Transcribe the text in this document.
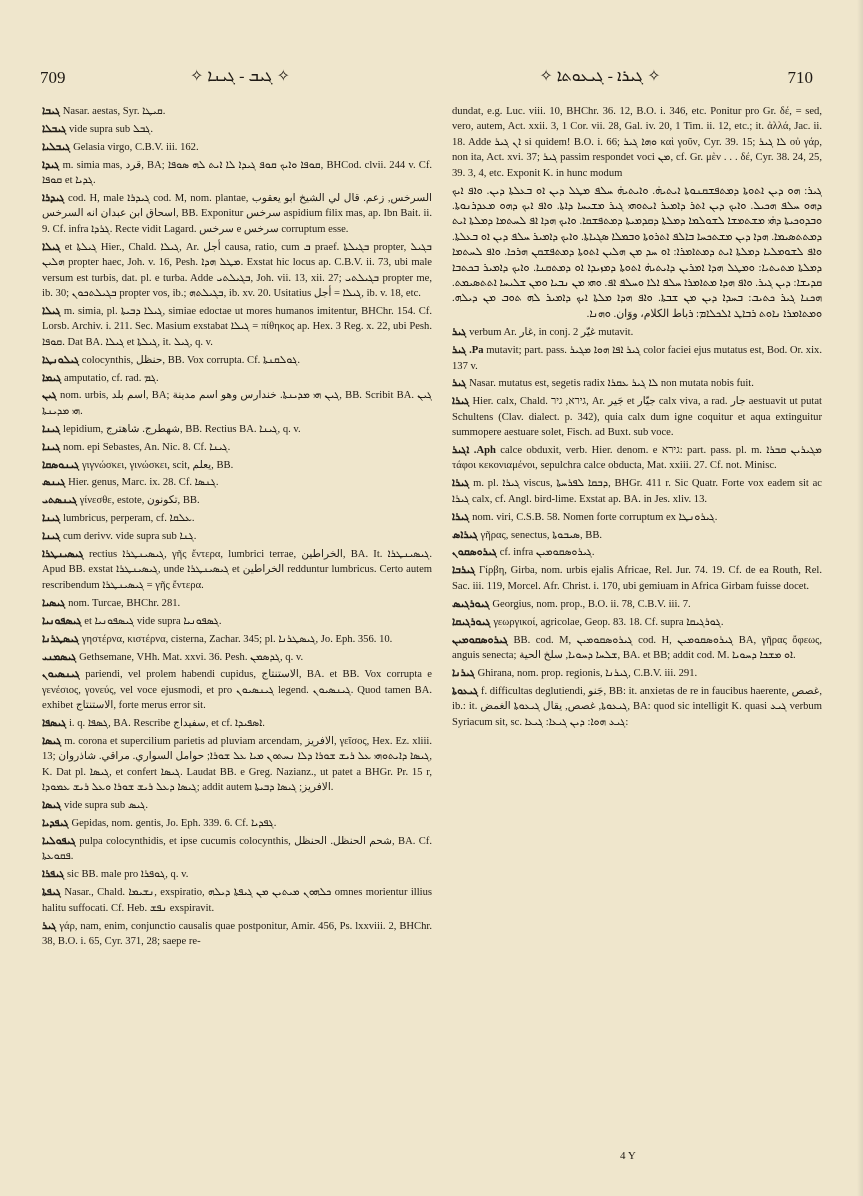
709	✧ ܓܝܒ - ܓܝܢܐ ✧	✧ ܓܝܪܐ - ܓܝܥܘܬܐ ✧	710

ܓܝܒܐ Nasar. aestas, Syr. ܩܝܛܐ.

ܓܝܒܠܐ vide supra sub ܓܒܠ.

ܓܝܒܠܝܐ Gelasia virgo, C.B.V. iii. 162.

ܓܝܕܐ m. simia mas, قرد, BA; ܩܘܦܐ ܘܐܝܟ ܩܘܦ ܓܝܕܐ ܠܐ ܐܝܬ ܠܗ ܣܘܦܐ, BHCod. clvii. 244 v. Cf. ܩܘܦܐ et ܓܕܝܐ.

ܓܝܕܪܐ cod. H, male ܓܝܕܪܐ cod. M, nom. plantae, السرخس, زعم. قال لي الشيخ ابو يعقوب اسحاق ابن عبدان انه السرخس, BB. Exponitur سرخس aspidium filix mas, ap. Ibn Bait. ii. 9. Cf. infra ܓܪܕܐ. Recte vidit Lagard. سرخس e سرخس corruptum esse.

ܓܝܠܐ et ܓܝܠܬܐ Hier., Chald. ܓܝܠܐ, Ar. أجل causa, ratio, cum ܒ praef. ܒܓܝܠܬܐ propter, ܒܓܝܠ ܗܠܝܢ propter haec, Joh. v. 16, Pesh. ܡܛܠ ܗܕܐ. Exstat hic locus ap. C.B.V. ii. 73, ubi male versum est turbis, dat. pl. e turba. Adde ܒܓܝܠܬܝ, Joh. vii. 13, xii. 27; ܒܓܝܠܬܝ propter me, ib. 30; ܒܓܝܠܬܟܘܢ propter vos, ib.; ܒܓܝܠܬܗ, ib. xv. 20. Usitatius ܓܝܠܐ = أجل, ib. v. 18, etc.

ܓܝܠܐ m. simia, pl. ܓܝܠܐ ܕܒܝܬܐ, simiae edoctae ut mores humanos imitentur, BHChr. 154. Cf. Lorsb. Archiv. i. 211. Sec. Masium exstabat ܓܝܠܐ = πίθηκος ap. Hex. 3 Reg. x. 22, ubi Pesh. ܩܘܦܐ. Dat BA. ܓܝܠܐ et ܓܝܠܬܐ, it. ܓܝܠ, q. v.

ܓܝܠܘܢܛܐ colocynthis, حنظل, BB. Vox corrupta. Cf. ܓܘܠܩܢܬܐ.

ܓܝܡܐ amputatio, cf. rad. ܓܡ.

ܓܝܢ nom. urbis, اسم بلد, BA; ܓܝܢ ܗܝ ܡܕܝܢܬܐ. خندارس وهو اسم مدينة, BB. Scribit BA. ܓܝܢ ܗܝ ܡܕܝܢܬܐ.

ܓܝܢܐ lepidium, شهطرج. شاهترج, BB. Rectius BA. ܓܝܢܐ, q. v.

ܓܝܢܐ nom. epi Sebastes, An. Nic. 8. Cf. ܓܝܢܐ.

ܓܝܢܘܣܩܐ γιγνώσκει, γινώσκει, scit, يعلم, BB.

ܓܝܢܣ Hier. genus, Marc. ix. 28. Cf. ܓܢܣܐ.

ܓܝܢܣܬܝ γίνεσθε, estote, تكونون, BB.

ܓܝܢܐ lumbricus, perperam, cf. ܥܠܩܐ.

ܓܝܢܐ cum derivv. vide supra sub ܓܢܐ.

ܓܝܣܝܢܛܪܐ rectius ܓܝܣܝܢܛܪܐ, γῆς ἔντερα, lumbrici terrae, الخراطين, BA. It. ܓܝܣܝܢܛܪܐ. Apud BB. exstat ܓܝܣܝܢܛܪܐ, unde ܓܝܣܝܢܛܪܐ et الخراطين redduntur lumbricus. Certo autem rescribendum ܓܝܣܝܢܛܪܐ = γῆς ἔντερα.

ܓܝܣܝܐ nom. Turcae, BHChr. 281.

ܓܝܣܦܘܢܝܐ et ܓܝܣܦܘܢܝܐ vide supra ܓܣܦܘܢܝܐ.

ܓܝܣܛܪܢܐ γηστέρνα, κιστέρνα, cisterna, Zachar. 345; pl. ܓܝܣܛܪܢܐ, Jo. Eph. 356. 10.

ܓܝܣܡܢܝ Gethsemane, VHh. Mat. xxvi. 36. Pesh. ܓܕܣܡܢ, q. v.

ܓܝܢܣܝܘܢ pariendi, vel prolem habendi cupidus, الاستنتاج, BA. et BB. Vox corrupta e γενέσιος, γονεύς, vel voce ejusmodi, et pro ܓܝܢܣܝܘܢ legend. ܓܝܢܣܝܘܢ. Quod tamen BA. exhibet الاستنتاج, forte merus error sit.

ܓܝܣܦܐ i. q. ܓܣܦܐ, BA. Rescribe سفيداج, et cf. ܐܣܦܝܕܐ.

ܓܝܣܐ m. corona et supercilium parietis ad pluviam arcendam, الافريز, γεῖσος, Hex. Ez. xliii. 13; ܓܝܣܐ ܕܐܝܬܘܗܝ ܥܠ ܪܝܫ ܫܘܪܐ ܕܠܐ ܢܚܬܘܢ ܡܝܐ ܥܠ ܫܘܪܐ; حوامل السواري. مراقي. شاذروان, K. Dat pl. ܓܝܣܐ, et confert ܓܝܣܐ. Laudat BB. e Greg. Nazianz., ut patet a BHGr. Pr. 15 r, ܓܝܣܐ ܕܥܠ ܪܝܫ ܫܘܪܐ ܘܥܠ ܪܝܫ ܥܡܘܕܐ; addit autem الافريز; ܓܝܣܐ ܕܒܝܬܐ.

ܓܝܣܐ vide supra sub ܓܝܣ.

ܓܝܦܕܝܐ Gepidas, nom. gentis, Jo. Eph. 339. 6. Cf. ܓܦܕܝܐ.

ܓܝܦܘܠܝܐ pulpa colocynthidis, et ipse cucumis colocynthis, شحم الحنظل. الحنظل, BA. Cf. ܦܩܘܥܬܐ.

ܓܝܦܪܐ sic BB. male pro ܓܘܦܪܐ, q. v.

ܓܝܦܬܐ Nasar., Chald. ܢܫܝܡܐ, exspiratio, ܟܠܗܘܢ ܡܝܬܝܢ ܡܢ ܓܝܦܬܐ ܕܝܠܗ omnes morientur illius halitu suffocati. Cf. Heb. ܢܦܫ exspiravit.

ܓܝܪ γάρ, nam, enim, conjunctio causalis quae postponitur, Amir. 456, Ps. lxxviii. 2, BHChr. 38, B.O. i. 65, Cyr. 371, 28; saepe re-

dundat, e.g. Luc. viii. 10, BHChr. 36. 12, B.O. i. 346, etc. Ponitur pro Gr. δέ, = sed, vero, autem, Act. xxii. 3, 1 Cor. vii. 28, Gal. iv. 20, 1 Tim. ii. 12, etc.; it. ἀλλά, Jac. ii. 18. Adde ܐܢ ܓܝܪ si quidem! B.O. i. 66; ܘܗܐ ܓܝܪ καὶ γοῦν, Cyr. 39. 15; ܠܐ ܓܝܪ οὐ γάρ, non ita, Act. xvi. 37; ܓܝܪ passim respondet voci ܡܢ, cf. Gr. μὲν . . . δέ, Cyr. 38. 24, 25, 39. 3, 4, etc. Exponit K. in hunc modum

ܓܝܪ: ܗܘ ܕܝܢ ܐܬܘܬܐ ܕܡܬܦܫܩܢܘܬܐ ܐܝܬܝܗ̇. ܘܐܝܬܝܗ̇ ܚܠܦ ܡܛܠ ܕܝܢ ܐܘ ܒܥܠܬܐ ܕܝܢ. ܘܐܦ ܐܝܟ ܕܗܘ ܚܠܦ ܗܟܝܠ. ܘܐܝܟ ܕܝܢ ܐܬܪ ܕܐܡܝܪ ܐܝܬܘܗܝ ܓܝܪ ܡܫܝܚܐ ܕܐܬܐ. ܘܐܦ ܐܝܟ ܕܗܘ ܡܥܕܪܢܘܬܐ. ܘܒܕܘܟܝܬܐ ܕܗ̇ܝ ܡܫܬܡܫܐ ܠܫܘܠܡܐ ܕܡܠܬܐ ܕܩܕܡܝܬܐ ܕܡܬܦܫܩܐ. ܘܐܝܟ ܗܕܐ ܐܦ ܠܚܬܡܐ ܕܡܠܬܐ ܐܝܬ ܕܡܬܬܣܝܡܐ. ܗܕܐ ܕܝܢ ܡܫܬܟܚܐ ܒܐܠܦ ܐܬܪܘܬܐ ܘܒܡܠܐ ܣܓܝܐܬܐ. ܘܐܝܟ ܕܐܡܝܪ ܚܠܦ ܕܝܢ ܐܘ ܒܥܠܬܐ. ܘܐܦ ܠܫܘܡܠܝܐ ܕܡܠܬܐ ܐܝܬ ܕܡܬܐܡܪܐ: ܐܘ ܚܕ ܡܢ ܗܠܝܢ ܐܬܘܬܐ ܕܡܬܦܫܩܢ ܗܪܟܐ. ܘܐܦ ܠܚܬܡܐ ܕܡܠܬܐ ܡܬܝܬܝܐ: ܘܡܛܠ ܗܕܐ ܐܡܪܝܢ ܕܐܝܬܝܗ̇ ܐܬܘܬܐ ܕܡܙܝܕܐ ܐܘ ܕܡܬܩܢܐ. ܘܐܝܟ ܕܐܡܝܪ ܒܟܬܒܐ ܩܕܝܫܐ: ܕܝܢ ܓܝܪ. ܘܐܦ ܗܕܐ ܡܬܐܡܪܐ ܚܠܦ ܐܠܐ ܘܚܠܦ ܐܦ. ܘܗܝ ܡܢ ܢܒܝܐ ܘܡܢ ܫܠܝܚܐ ܐܬܬܣܝܡܬ. ܗܟܢܐ ܓܝܪ ܟܬܝܒ: ܒܚܕܐ ܕܝܢ ܡܢ ܫܒܬܐ. ܘܐܦ ܗܕܐ ܡܠܬܐ ܐܝܟ ܕܐܡܝܪ ܠܗ ܬܘܒ ܡܢ ܕܝܠܗ. ܘܡܬܐܡܪܐ ܢܐܘܬ ܪܒܐܛ ܐܠܟܠܐܡ: ܪباط الكلام، ووَان. ܘܗܢܐ.

ܓܝܪ verbum Ar. غار, in conj. 2 غيّر mutavit.

Pa. ܓܝܪ mutavit; part. pass. ܓܝܪ ܐܦܐ ܗܘܐ ܡܓܝܪ color faciei ejus mutatus est, Bod. Or. xix. 137 v.

ܓܝܪ Nasar. mutatus est, segetis radix ܠܐ ܓܝܪ ܥܩܪܐ non mutata nobis fuit.

ܓܝܪܐ Hier. calx, Chald. גירא, גיר, Ar. جَير et جيّار calx viva, a rad. جار aestuavit ut putat Schultens (Clav. dialect. p. 342), quia calx dum igne coquitur et aqua extinguitur summopere aestuare solet, Fisch. ad Buxt. sub voce.

Aph. ܐܓܝܪ calce obduxit, verb. Hier. denom. e גירא: part. pass. pl. m. ܡܓܝܪܝܢ ܩܒܪܐ τάφοι κεκονιαμένοι, sepulchra calce obducta, Mat. xxiii. 27. Cf. not. Minisc.

ܓܝܪܐ m. pl. ܓܝܪܐ viscus, ܕܒܩܐ ܠܦܪܚܬܐ, BHGr. 411 r. Sic Quatr. Forte vox eadem sit ac ܓܝܪܐ calx, cf. Angl. bird-lime. Exstat ap. BA. in Jes. xliv. 13.

ܓܝܪܐ nom. viri, C.S.B. 58. Nomen forte corruptum ex ܓܝܪܘܢܛܐ.

ܓܝܪܐܣ γῆρας, senectus, ܣܝܒܘܬܐ, BB.

ܓܝܪܘܣܩܘܢ cf. infra ܓܝܪܘܣܩܘܡܝܢ.

ܓܝܪܒܐ Γίρβη, Girba, nom. urbis ejalis Africae, Rel. Jur. 74. 19. Cf. de ea Routh, Rel. Sac. iii. 119, Morcel. Afr. Christ. i. 170, ubi gemiuam in Africa Girbam fuisse docet.

ܓܝܘܪܓܝܣ Georgius, nom. prop., B.O. ii. 78, C.B.V. iii. 7.

ܓܝܘܪܓܝܩܐ γεωργικοί, agricolae, Geop. 83. 18. Cf. supra ܓܘܪܓܝܩܐ.

ܓܝܪܘܣܩܘܡܝܢ BB. cod. M, ܓܝܪܘܣܩܘܡܝܢ cod. H, ܓܝܪܘܣܩܘܡܝܢ BA, γῆρας ὄφεως, anguis senecta; ܫܠܚܐ ܕܚܘܝܐ, سلخ الحية, BA. et BB; addit cod. M. ܐܘ ܡܫܟܐ ܕܚܘܝܐ.

ܓܝܪܢܐ Ghirana, nom. prop. regionis, ܓܝܪܢܐ, C.B.V. iii. 291.

ܓܝܥܘܬܐ f. difficultas deglutiendi, جَنو, BB: it. anxietas de re in faucibus haerente, غصص, ib.: it. ܓܝܥܘܬܐ, غصص, يقال ܓܝܥܘܬܐ الغمض, BA: quod sic intelligit K. quasi ܓܝܥ verbum Syriacum sit, sc. ܓܝܥ ܗܘܐ: ܕܝܢ ܓܝܥܐ: ܓܝܥܐ:

4 Y
